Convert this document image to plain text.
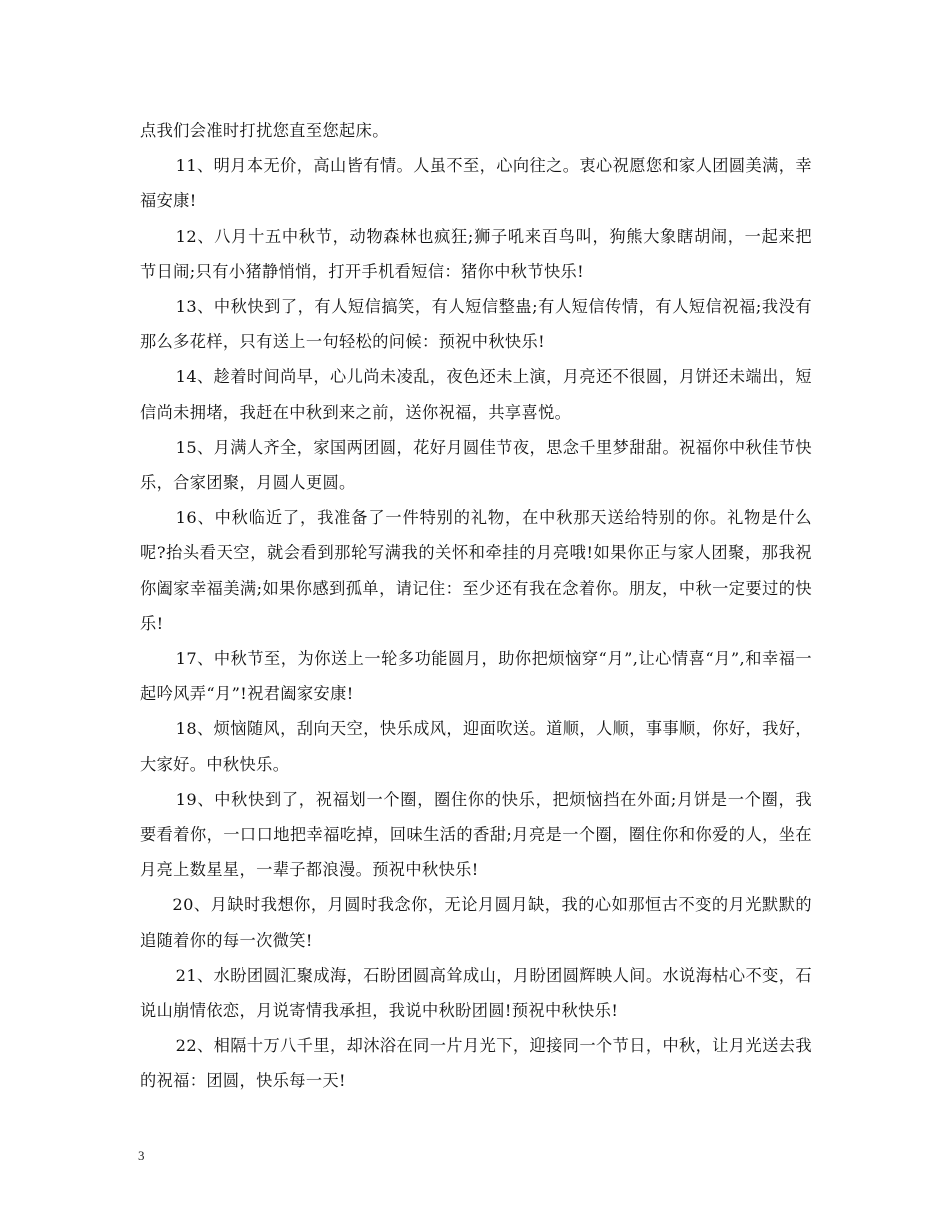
点我们会准时打扰您直至您起床。

11、明月本无价，高山皆有情。人虽不至，心向往之。衷心祝愿您和家人团圆美满，幸福安康!

12、八月十五中秋节，动物森林也疯狂;狮子吼来百鸟叫，狗熊大象瞎胡闹，一起来把节日闹;只有小猪静悄悄，打开手机看短信：猪你中秋节快乐!

13、中秋快到了，有人短信搞笑，有人短信整蛊;有人短信传情，有人短信祝福;我没有那么多花样，只有送上一句轻松的问候：预祝中秋快乐!

14、趁着时间尚早，心儿尚未凌乱，夜色还未上演，月亮还不很圆，月饼还未端出，短信尚未拥堵，我赶在中秋到来之前，送你祝福，共享喜悦。

15、月满人齐全，家国两团圆，花好月圆佳节夜，思念千里梦甜甜。祝福你中秋佳节快乐，合家团聚，月圆人更圆。

16、中秋临近了，我准备了一件特别的礼物，在中秋那天送给特别的你。礼物是什么呢?抬头看天空，就会看到那轮写满我的关怀和牵挂的月亮哦!如果你正与家人团聚，那我祝你阖家幸福美满;如果你感到孤单，请记住：至少还有我在念着你。朋友，中秋一定要过的快乐!

17、中秋节至，为你送上一轮多功能圆月，助你把烦恼穿“月”,让心情喜“月”,和幸福一起吟风弄“月”!祝君阖家安康!

18、烦恼随风，刮向天空，快乐成风，迎面吹送。道顺，人顺，事事顺，你好，我好，大家好。中秋快乐。

19、中秋快到了，祝福划一个圈，圈住你的快乐，把烦恼挡在外面;月饼是一个圈，我要看着你，一口口地把幸福吃掉，回味生活的香甜;月亮是一个圈，圈住你和你爱的人，坐在月亮上数星星，一辈子都浪漫。预祝中秋快乐!

20、月缺时我想你，月圆时我念你，无论月圆月缺，我的心如那恒古不变的月光默默的追随着你的每一次微笑!

21、水盼团圆汇聚成海，石盼团圆高耸成山，月盼团圆辉映人间。水说海枯心不变，石说山崩情依恋，月说寄情我承担，我说中秋盼团圆!预祝中秋快乐!

22、相隔十万八千里，却沐浴在同一片月光下，迎接同一个节日，中秋，让月光送去我的祝福：团圆，快乐每一天!

3
